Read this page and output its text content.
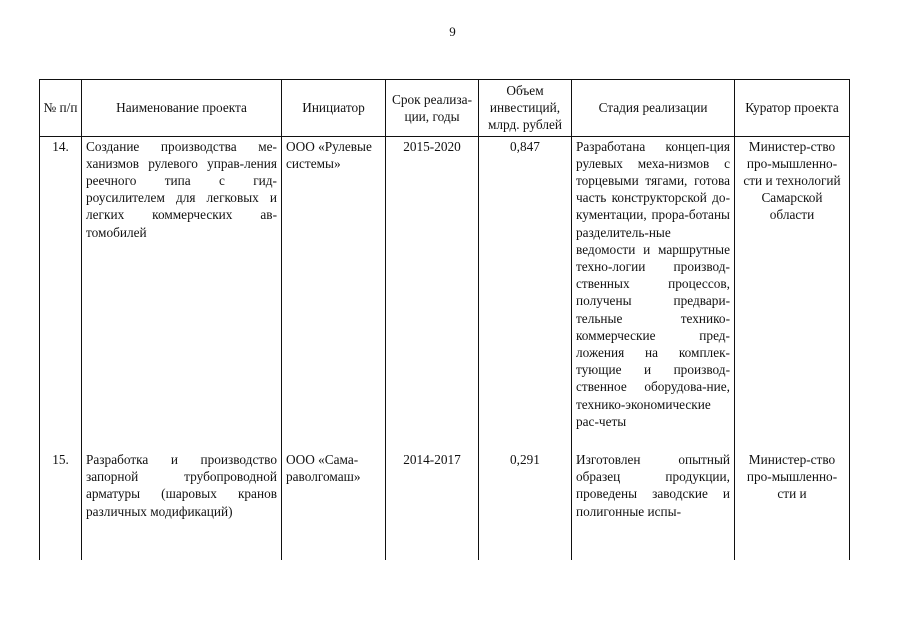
9
№ п/п	Наименование проекта	Инициатор	Срок реализа-ции, годы	Объем инвестиций, млрд. рублей	Стадия реализации	Куратор проекта
14.	Создание производства ме-ханизмов рулевого управ-ления реечного типа с гид-роусилителем для легковых и легких коммерческих ав-томобилей	ООО «Рулевые системы»	2015-2020	0,847	Разработана концеп-ция рулевых меха-низмов с торцевыми тягами, готова часть конструкторской до-кументации, прора-ботаны разделитель-ные ведомости и маршрутные техно-логии производ-ственных процессов, получены предвари-тельные технико-коммерческие пред-ложения на комплек-тующие и производ-ственное оборудова-ние, технико-экономические рас-четы	Министер-ство про-мышленно-сти и технологий Самарской области

15.	Разработка и производство запорной трубопроводной арматуры (шаровых кранов различных модификаций)	ООО «Сама-раволгомаш»	2014-2017	0,291	Изготовлен опытный образец продукции, проведены заводские и полигонные испы-	Министер-ство про-мышленно-сти и
